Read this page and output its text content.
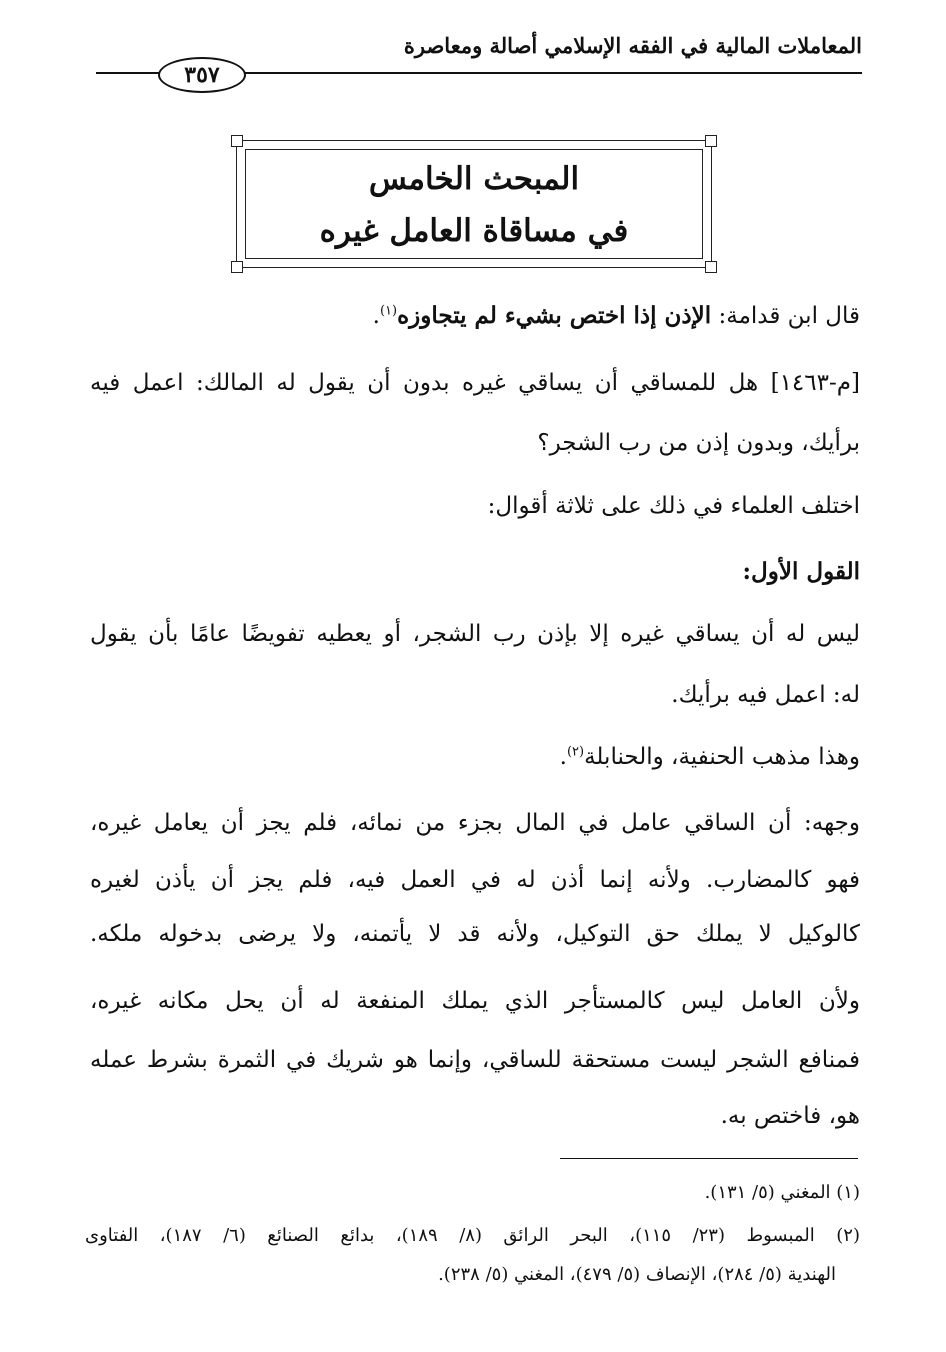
المعاملات المالية في الفقه الإسلامي أصالة ومعاصرة
٣٥٧
المبحث الخامس
في مساقاة العامل غيره
قال ابن قدامة: الإذن إذا اختص بشيء لم يتجاوزه$^{(١)}$.
[م-١٤٦٣] هل للمساقي أن يساقي غيره بدون أن يقول له المالك: اعمل فيه
برأيك، وبدون إذن من رب الشجر؟
اختلف العلماء في ذلك على ثلاثة أقوال:
القول الأول:
ليس له أن يساقي غيره إلا بإذن رب الشجر، أو يعطيه تفويضًا عامًا بأن يقول
له: اعمل فيه برأيك.
وهذا مذهب الحنفية، والحنابلة$^{(٢)}$.
وجهه: أن الساقي عامل في المال بجزء من نمائه، فلم يجز أن يعامل غيره،
فهو كالمضارب. ولأنه إنما أذن له في العمل فيه، فلم يجز أن يأذن لغيره
كالوكيل لا يملك حق التوكيل، ولأنه قد لا يأتمنه، ولا يرضى بدخوله ملكه.
ولأن العامل ليس كالمستأجر الذي يملك المنفعة له أن يحل مكانه غيره،
فمنافع الشجر ليست مستحقة للساقي، وإنما هو شريك في الثمرة بشرط عمله
هو، فاختص به.
(١) المغني (٥/ ١٣١).
(٢) المبسوط (٢٣/ ١١٥)، البحر الرائق (٨/ ١٨٩)، بدائع الصنائع (٦/ ١٨٧)، الفتاوى
الهندية (٥/ ٢٨٤)، الإنصاف (٥/ ٤٧٩)، المغني (٥/ ٢٣٨).
